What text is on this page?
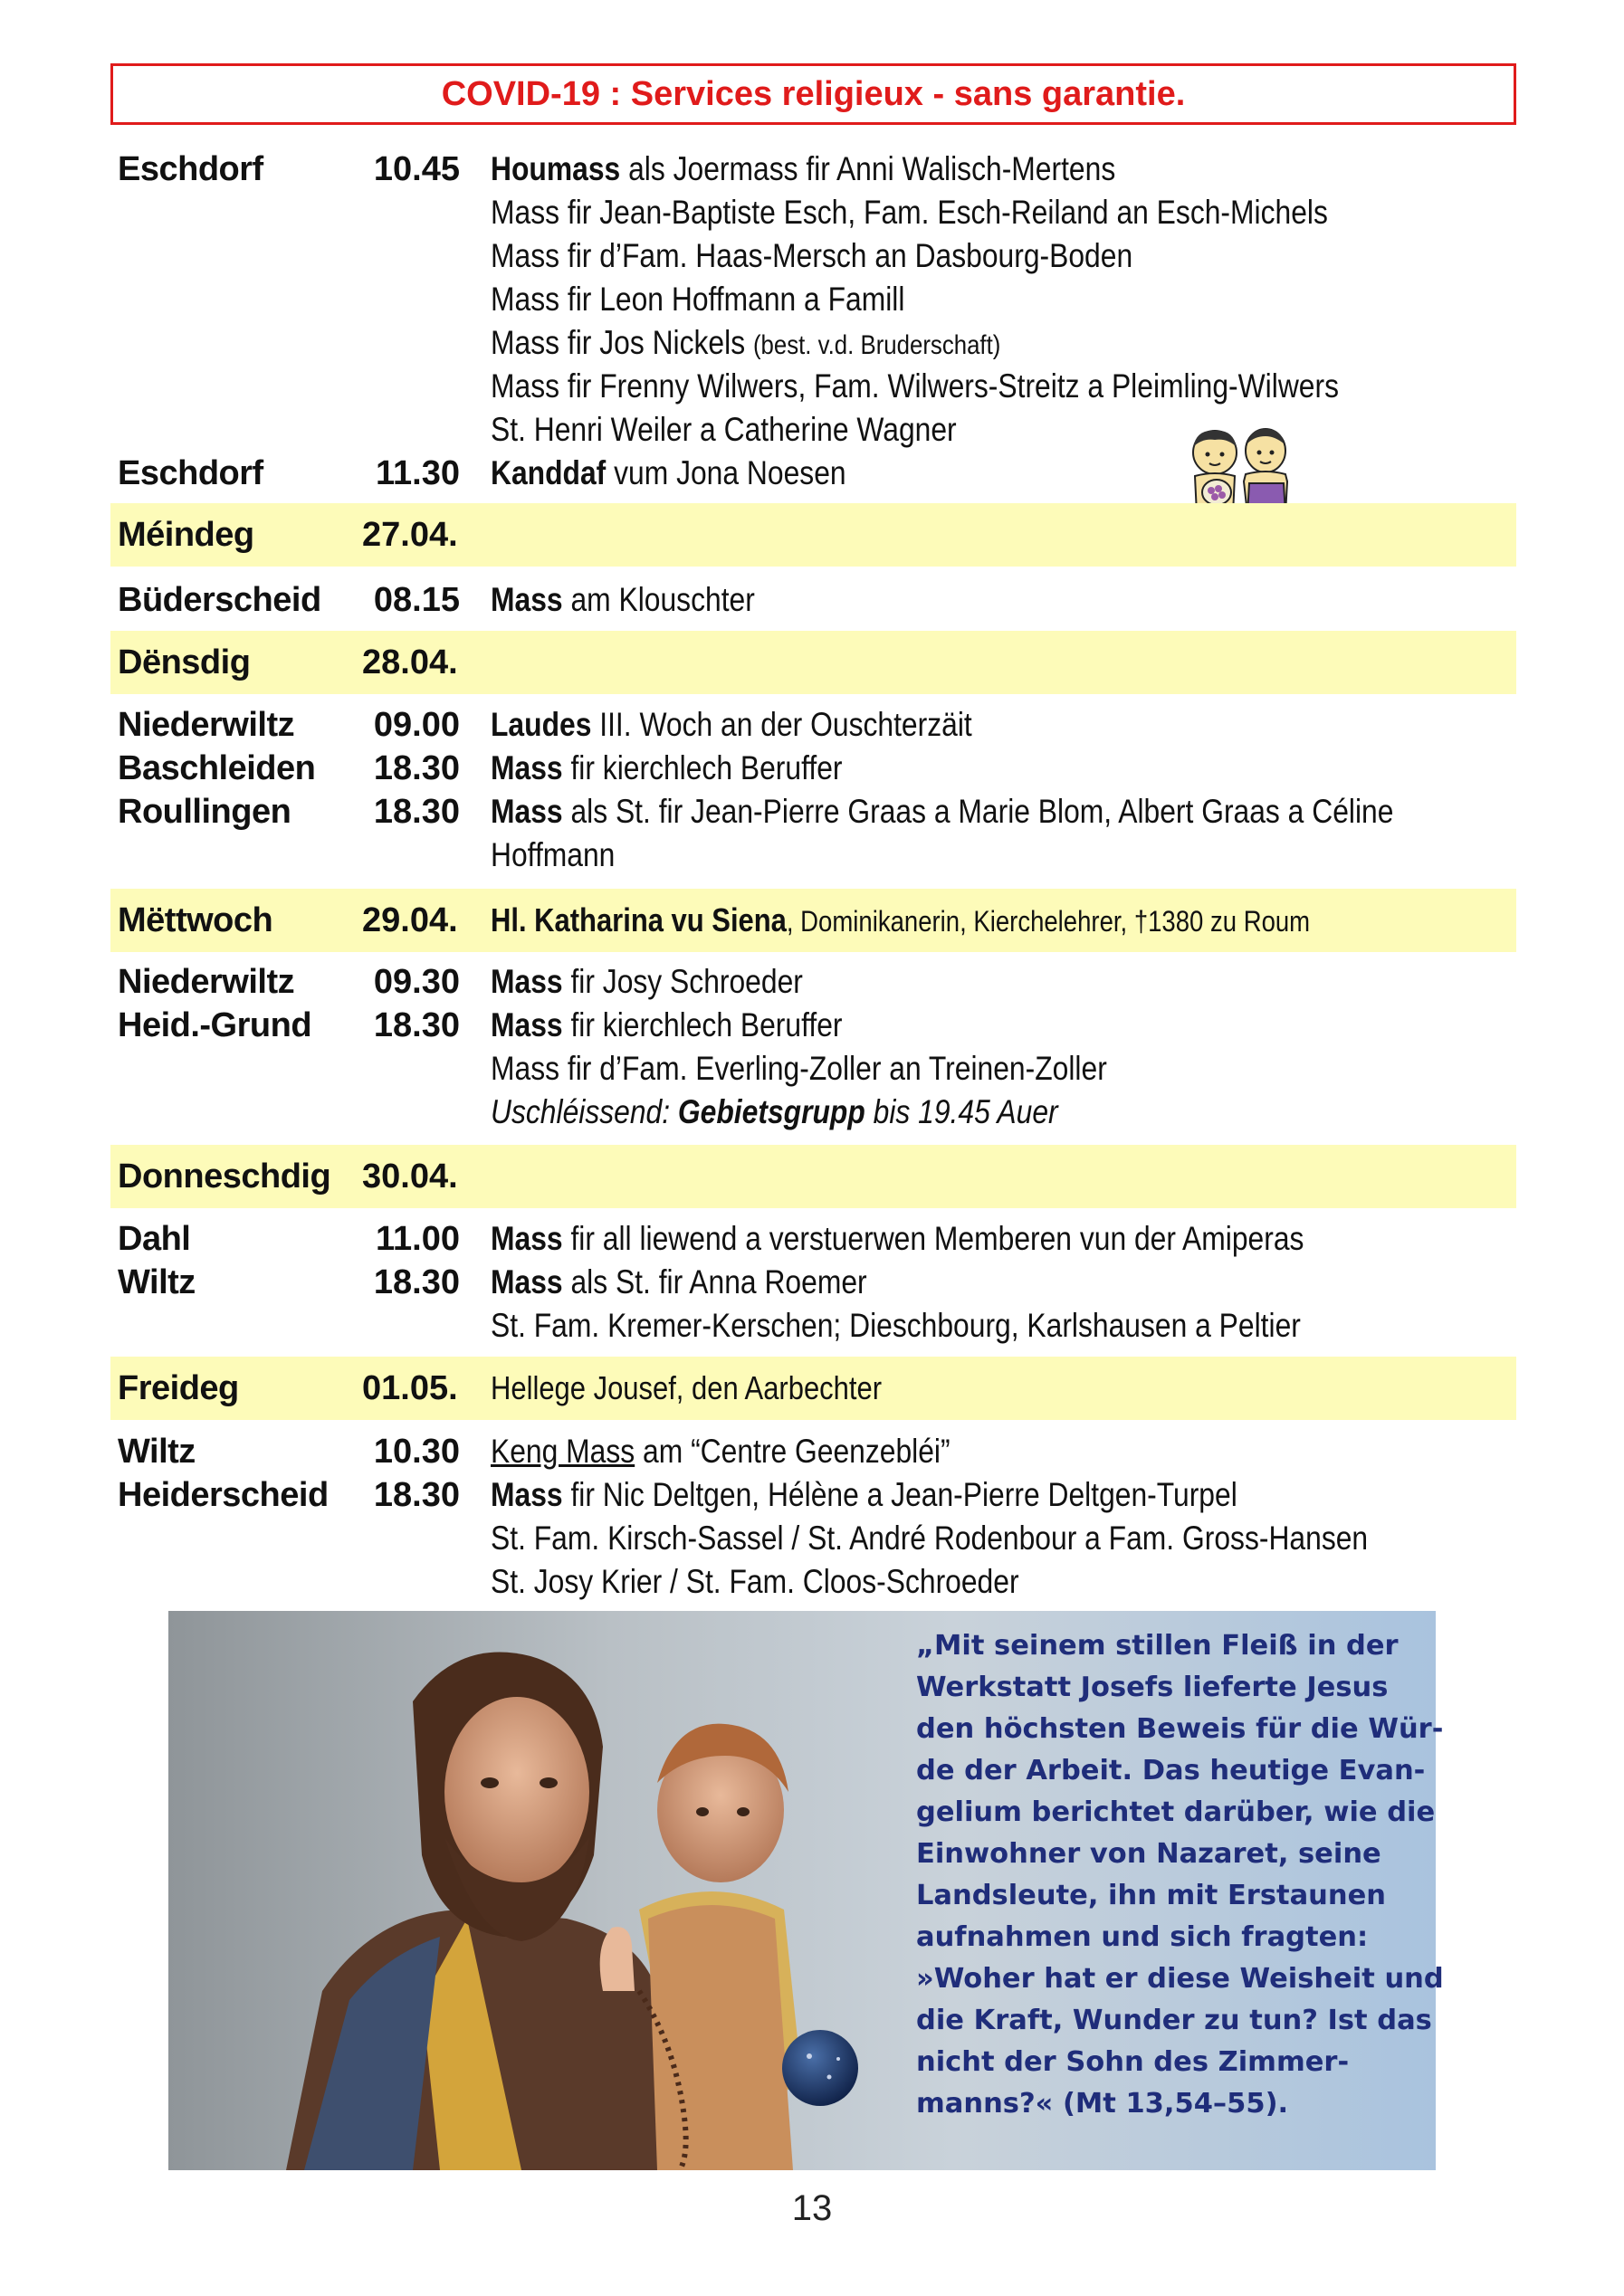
COVID-19 : Services religieux - sans garantie.
Eschdorf	10.45 Houmass als Joermass fir Anni Walisch-Mertens
Mass fir Jean-Baptiste Esch, Fam. Esch-Reiland an Esch-Michels
Mass fir d’Fam. Haas-Mersch an Dasbourg-Boden
Mass fir Leon Hoffmann a Famill
Mass fir Jos Nickels (best. v.d. Bruderschaft)
Mass fir Frenny Wilwers, Fam. Wilwers-Streitz a Pleimling-Wilwers
St. Henri Weiler a Catherine Wagner
Eschdorf	11.30 Kanddaf vum Jona Noesen
Méindeg	27.04.
Büderscheid 08.15 Mass am Klouschter
Dënsdig	28.04.
Niederwiltz 09.00 Laudes III. Woch an der Ouschterzäit
Baschleiden 18.30 Mass fir kierchlech Beruffer
Roullingen 18.30 Mass als St. fir Jean-Pierre Graas a Marie Blom, Albert Graas a Céline
Hoffmann
Mëttwoch	29.04. Hl. Katharina vu Siena, Dominikanerin, Kierchelehrer, †1380 zu Roum
Niederwiltz 09.30 Mass fir Josy Schroeder
Heid.-Grund 18.30 Mass fir kierchlech Beruffer
Mass fir d’Fam. Everling-Zoller an Treinen-Zoller
Uschléissend: Gebietsgrupp bis 19.45 Auer
Donneschdig 30.04.
Dahl	11.00 Mass fir all liewend a verstuerwen Memberen vun der Amiperas
Wiltz	18.30 Mass als St. fir Anna Roemer
St. Fam. Kremer-Kerschen; Dieschbourg, Karlshausen a Peltier
Freideg	01.05. Hellege Jousef, den Aarbechter
Wiltz	10.30 Keng Mass am “Centre Geenzebléi”
Heiderscheid 18.30 Mass fir Nic Deltgen, Hélène a Jean-Pierre Deltgen-Turpel
St. Fam. Kirsch-Sassel / St. André Rodenbour a Fam. Gross-Hansen
St. Josy Krier / St. Fam. Cloos-Schroeder
„Mit seinem stillen Fleiß in der
Werkstatt Josefs lieferte Jesus
den höchsten Beweis für die Wür-
de der Arbeit. Das heutige Evan-
gelium berichtet darüber, wie die
Einwohner von Nazaret, seine
Landsleute, ihn mit Erstaunen
aufnahmen und sich fragten:
»Woher hat er diese Weisheit und
die Kraft, Wunder zu tun? Ist das
nicht der Sohn des Zimmer-
manns?« (Mt 13,54–55).
13
